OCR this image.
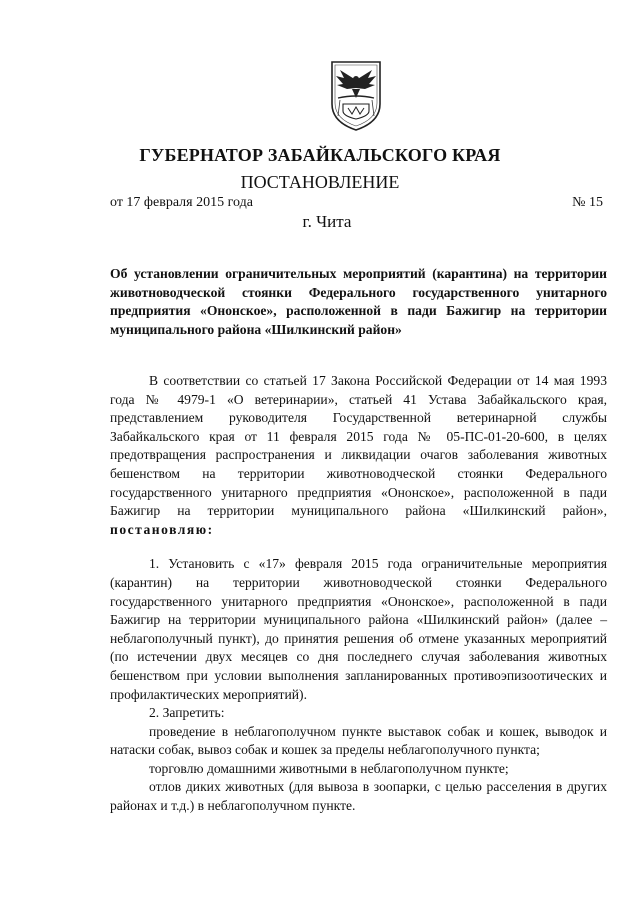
ГУБЕРНАТОР ЗАБАЙКАЛЬСКОГО КРАЯ
ПОСТАНОВЛЕНИЕ
от 17 февраля 2015 года	№ 15
г. Чита
Об установлении ограничительных мероприятий (карантина) на территории животноводческой стоянки Федерального государственного унитарного предприятия «Ононское», расположенной в пади Бажигир на территории муниципального района «Шилкинский район»

В соответствии со статьей 17 Закона Российской Федерации от 14 мая 1993 года № 4979-1 «О ветеринарии», статьей 41 Устава Забайкальского края, представлением руководителя Государственной ветеринарной службы Забайкальского края от 11 февраля 2015 года № 05-ПС-01-20-600, в целях предотвращения распространения и ликвидации очагов заболевания животных бешенством на территории животноводческой стоянки Федерального государственного унитарного предприятия «Ононское», расположенной в пади Бажигир на территории муниципального района «Шилкинский район», постановляю:

1. Установить с «17» февраля 2015 года ограничительные мероприятия (карантин) на территории животноводческой стоянки Федерального государственного унитарного предприятия «Ононское», расположенной в пади Бажигир на территории муниципального района «Шилкинский район» (далее – неблагополучный пункт), до принятия решения об отмене указанных мероприятий (по истечении двух месяцев со дня последнего случая заболевания животных бешенством при условии выполнения запланированных противоэпизоотических и профилактических мероприятий).

2. Запретить:

проведение в неблагополучном пункте выставок собак и кошек, выводок и натаски собак, вывоз собак и кошек за пределы неблагополучного пункта;

торговлю домашними животными в неблагополучном пункте;

отлов диких животных (для вывоза в зоопарки, с целью расселения в других районах и т.д.) в неблагополучном пункте.
